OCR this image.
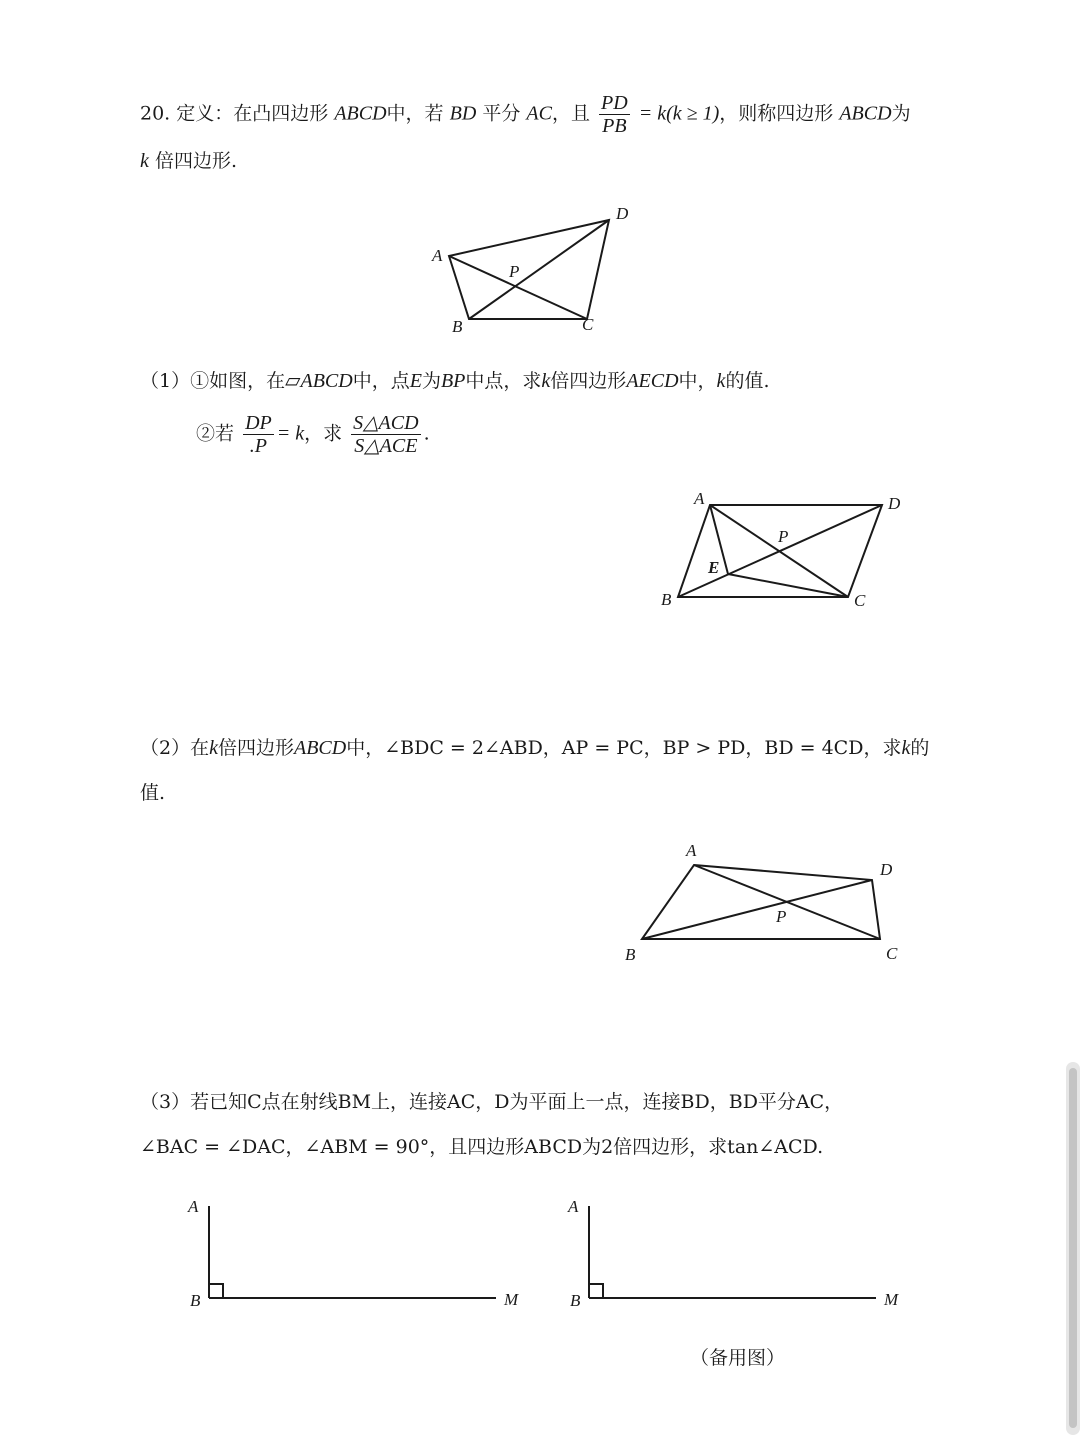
20. 定义：在凸四边形 ABCD中，若 BD 平分 AC，且 $\frac{PD}{PB} = k(k \ge 1)$，则称四边形 ABCD为
k 倍四边形.
A
B	C
D
P
（1）①如图，在▱ABCD中，点E为BP中点，求k倍四边形AECD中，k的值.
②若 $\frac{DP}{.P} = k$，求 $\frac{\text{S△ACD}}{\text{S△ACE}}$ .
A
B	C
D
P
E
（2）在k倍四边形ABCD中，∠BDC = 2∠ABD，AP = PC，BP > PD，BD = 4CD，求k的
值.
A
B	C
D
P
（3）若已知C点在射线BM上，连接AC，D为平面上一点，连接BD，BD平分AC，
∠BAC = ∠DAC，∠ABM = 90°，且四边形ABCD为2倍四边形，求tan∠ACD.
A
B	M
A
B	M
（备用图）
